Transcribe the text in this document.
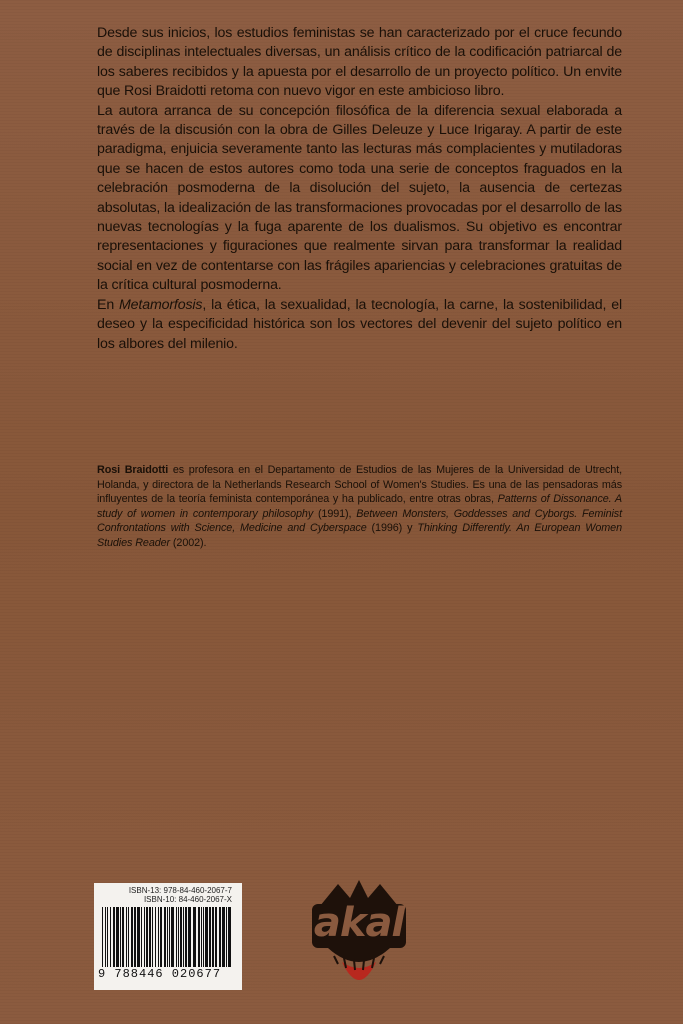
Desde sus inicios, los estudios feministas se han caracterizado por el cruce fecundo de disciplinas intelectuales diversas, un análisis crítico de la codificación patriarcal de los saberes recibidos y la apuesta por el desarrollo de un proyecto político. Un envite que Rosi Braidotti retoma con nuevo vigor en este ambicioso libro.

La autora arranca de su concepción filosófica de la diferencia sexual elaborada a través de la discusión con la obra de Gilles Deleuze y Luce Irigaray. A partir de este paradigma, enjuicia severamente tanto las lecturas más complacientes y mutiladoras que se hacen de estos autores como toda una serie de conceptos fraguados en la celebración posmoderna de la disolución del sujeto, la ausencia de certezas absolutas, la idealización de las transformaciones provocadas por el desarrollo de las nuevas tecnologías y la fuga aparente de los dualismos. Su objetivo es encontrar representaciones y figuraciones que realmente sirvan para transformar la realidad social en vez de contentarse con las frágiles apariencias y celebraciones gratuitas de la crítica cultural posmoderna.

En Metamorfosis, la ética, la sexualidad, la tecnología, la carne, la sostenibilidad, el deseo y la especificidad histórica son los vectores del devenir del sujeto político en los albores del milenio.

Rosi Braidotti es profesora en el Departamento de Estudios de las Mujeres de la Universidad de Utrecht, Holanda, y directora de la Netherlands Research School of Women's Studies. Es una de las pensadoras más influyentes de la teoría feminista contemporánea y ha publicado, entre otras obras, Patterns of Dissonance. A study of women in contemporary philosophy (1991), Between Monsters, Goddesses and Cyborgs. Feminist Confrontations with Science, Medicine and Cyberspace (1996) y Thinking Differently. An European Women Studies Reader (2002).

ISBN-13: 978-84-460-2067-7
ISBN-10: 84-460-2067-X
9 788446 020677
akal
